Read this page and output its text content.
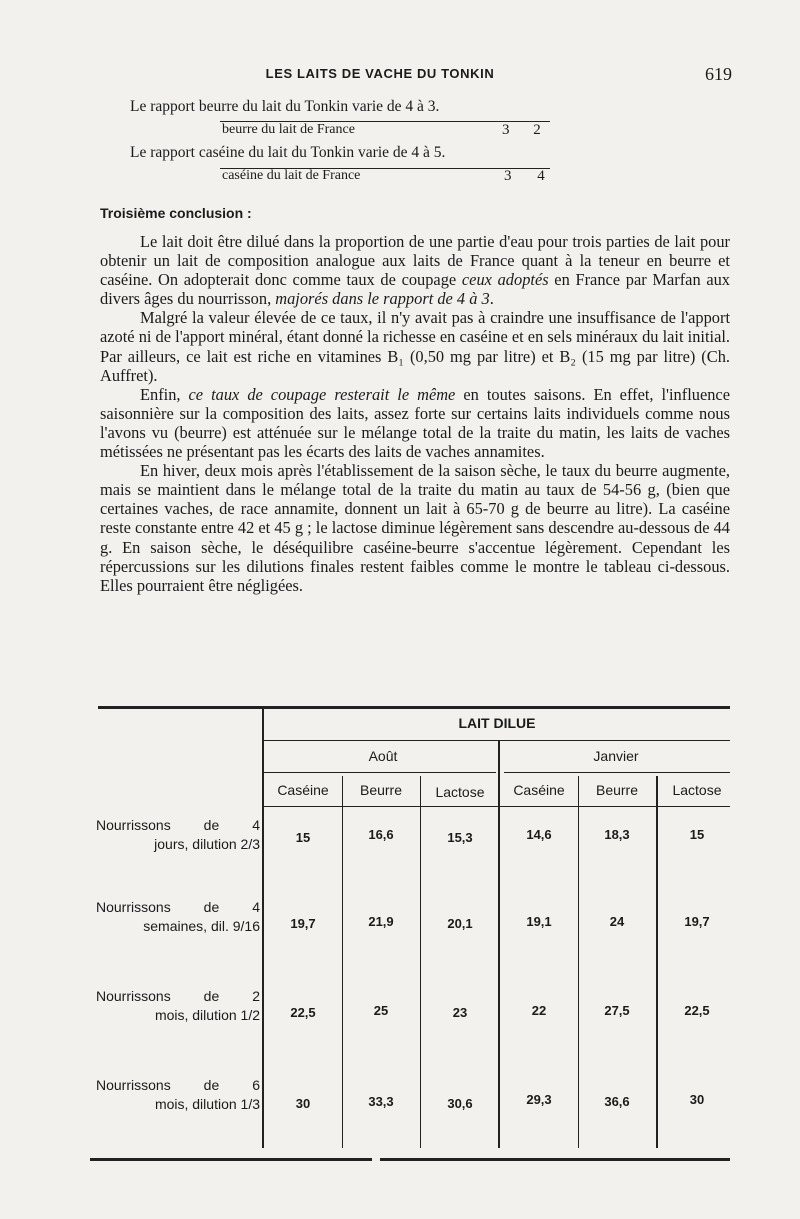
LES LAITS DE VACHE DU TONKIN	619
Le rapport beurre du lait du Tonkin varie de 4 à 3.
beurre du lait de France	3 2
Le rapport caséine du lait du Tonkin varie de 4 à 5.
caséine du lait de France	3 4
Troisième conclusion :

Le lait doit être dilué dans la proportion de une partie d'eau pour trois parties de lait pour obtenir un lait de composition analogue aux laits de France quant à la teneur en beurre et caséine. On adopterait donc comme taux de coupage ceux adoptés en France par Marfan aux divers âges du nourrisson, majorés dans le rapport de 4 à 3.

Malgré la valeur élevée de ce taux, il n'y avait pas à craindre une insuffisance de l'apport azoté ni de l'apport minéral, étant donné la richesse en caséine et en sels minéraux du lait initial. Par ailleurs, ce lait est riche en vitamines B₁ (0,50 mg par litre) et B₂ (15 mg par litre) (Ch. Auffret).

Enfin, ce taux de coupage resterait le même en toutes saisons. En effet, l'influence saisonnière sur la composition des laits, assez forte sur certains laits individuels comme nous l'avons vu (beurre) est atténuée sur le mélange total de la traite du matin, les laits de vaches métissées ne présentant pas les écarts des laits de vaches annamites.

En hiver, deux mois après l'établissement de la saison sèche, le taux du beurre augmente, mais se maintient dans le mélange total de la traite du matin au taux de 54-56 g, (bien que certaines vaches, de race annamite, donnent un lait à 65-70 g de beurre au litre). La caséine reste constante entre 42 et 45 g ; le lactose diminue légèrement sans descendre au-dessous de 44 g. En saison sèche, le déséquilibre caséine-beurre s'accentue légèrement. Cependant les répercussions sur les dilutions finales restent faibles comme le montre le tableau ci-dessous. Elles pourraient être négligées.

LAIT DILUE
Août	Janvier
Caséine	Beurre	Lactose	Caséine	Beurre	Lactose
Nourrissons de 4
jours, dilution 2/3	15	16,6	15,3	14,6	18,3	15
Nourrissons de 4
semaines, dil. 9/16	19,7	21,9	20,1	19,1	24	19,7
Nourrissons de 2
mois, dilution 1/2	22,5	25	23	22	27,5	22,5
Nourrissons de 6
mois, dilution 1/3	30	33,3	30,6	29,3	36,6	30
